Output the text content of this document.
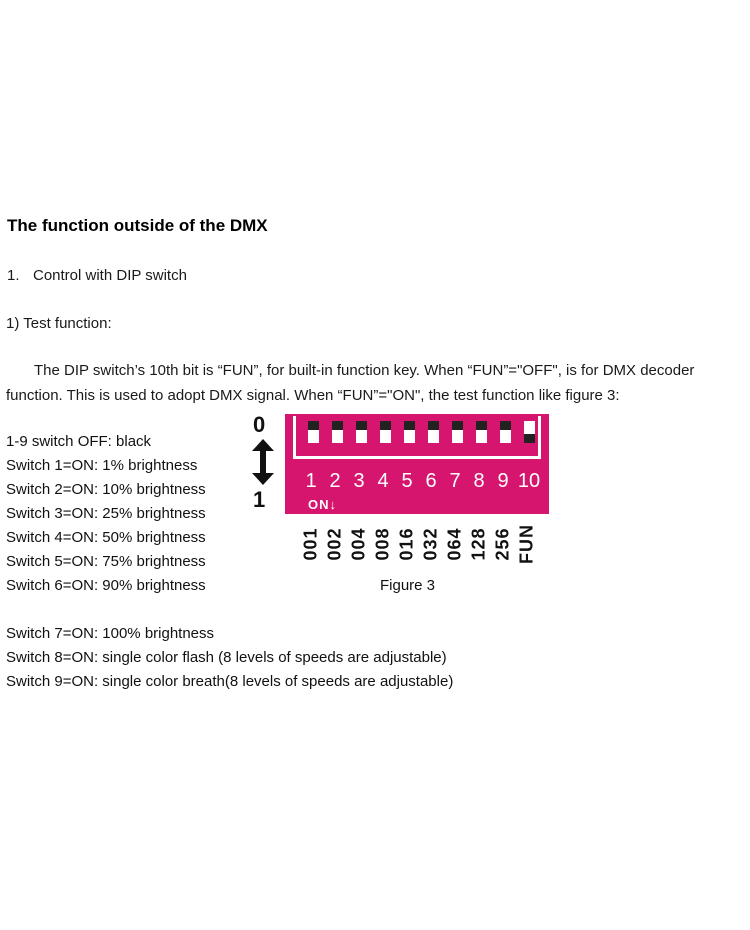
The function outside of the DMX
1. Control with DIP switch
1) Test function:
The DIP switch’s 10th bit is “FUN”, for built-in function key. When “FUN”="OFF", is for DMX decoder
function. This is used to adopt DMX signal. When “FUN”="ON", the test function like figure 3:
1-9 switch OFF: black
Switch 1=ON: 1% brightness
Switch 2=ON: 10% brightness
Switch 3=ON: 25% brightness
Switch 4=ON: 50% brightness
Switch 5=ON: 75% brightness
Switch 6=ON: 90% brightness
Switch 7=ON: 100% brightness
Switch 8=ON: single color flash (8 levels of speeds are adjustable)
Switch 9=ON: single color breath(8 levels of speeds are adjustable)
0
1
1 2 3 4 5 6 7 8 9 10
ON↓
001 002 004 008 016 032 064 128 256 FUN
Figure 3
